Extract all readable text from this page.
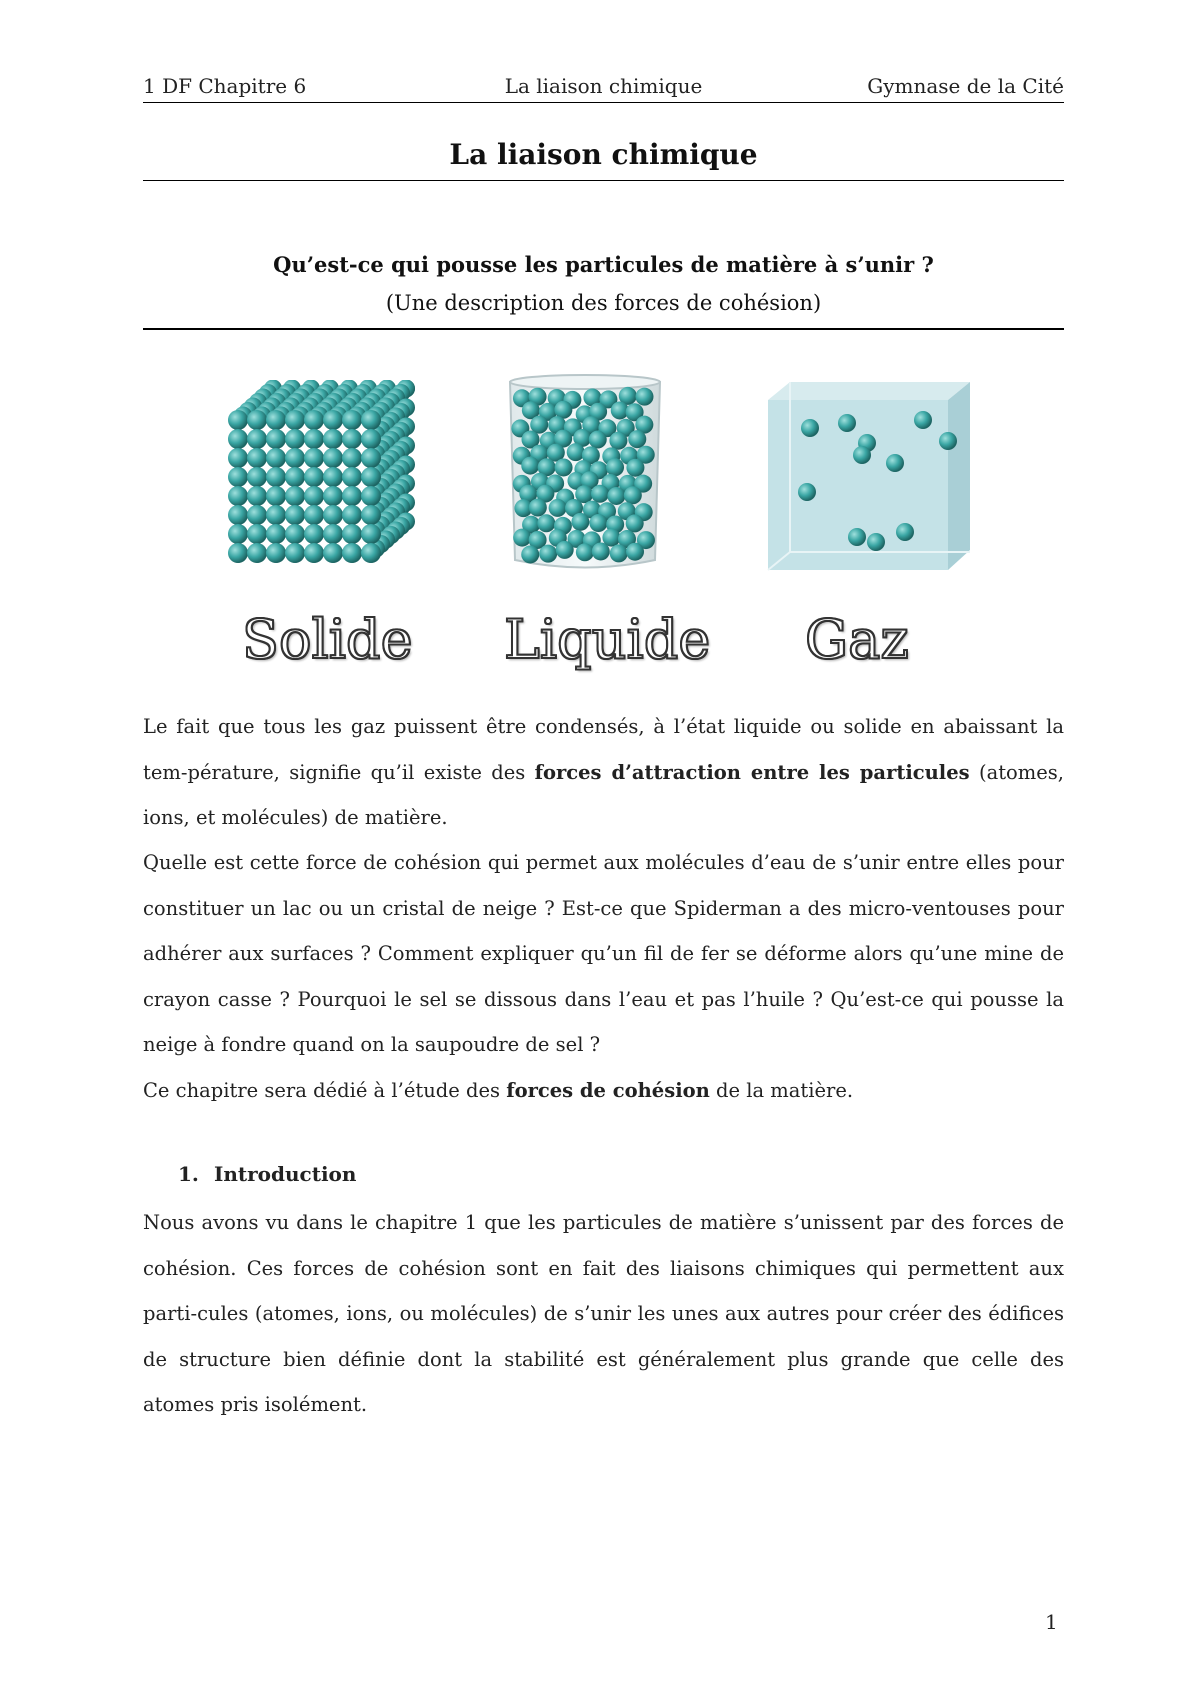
1 DF Chapitre 6	La liaison chimique	Gymnase de la Cité
La liaison chimique
Qu’est-ce qui pousse les particules de matière à s’unir ?
(Une description des forces de cohésion)
Solide Liquide Gaz
Le fait que tous les gaz puissent être condensés, à l’état liquide ou solide en abaissant la tem-pérature, signifie qu’il existe des forces d’attraction entre les particules (atomes, ions, et molécules) de matière.
Quelle est cette force de cohésion qui permet aux molécules d’eau de s’unir entre elles pour constituer un lac ou un cristal de neige ? Est-ce que Spiderman a des micro-ventouses pour adhérer aux surfaces ? Comment expliquer qu’un fil de fer se déforme alors qu’une mine de crayon casse ? Pourquoi le sel se dissous dans l’eau et pas l’huile ? Qu’est-ce qui pousse la neige à fondre quand on la saupoudre de sel ?
Ce chapitre sera dédié à l’étude des forces de cohésion de la matière.
1. Introduction
Nous avons vu dans le chapitre 1 que les particules de matière s’unissent par des forces de cohésion. Ces forces de cohésion sont en fait des liaisons chimiques qui permettent aux parti-cules (atomes, ions, ou molécules) de s’unir les unes aux autres pour créer des édifices de structure bien définie dont la stabilité est généralement plus grande que celle des atomes pris isolément.
1
